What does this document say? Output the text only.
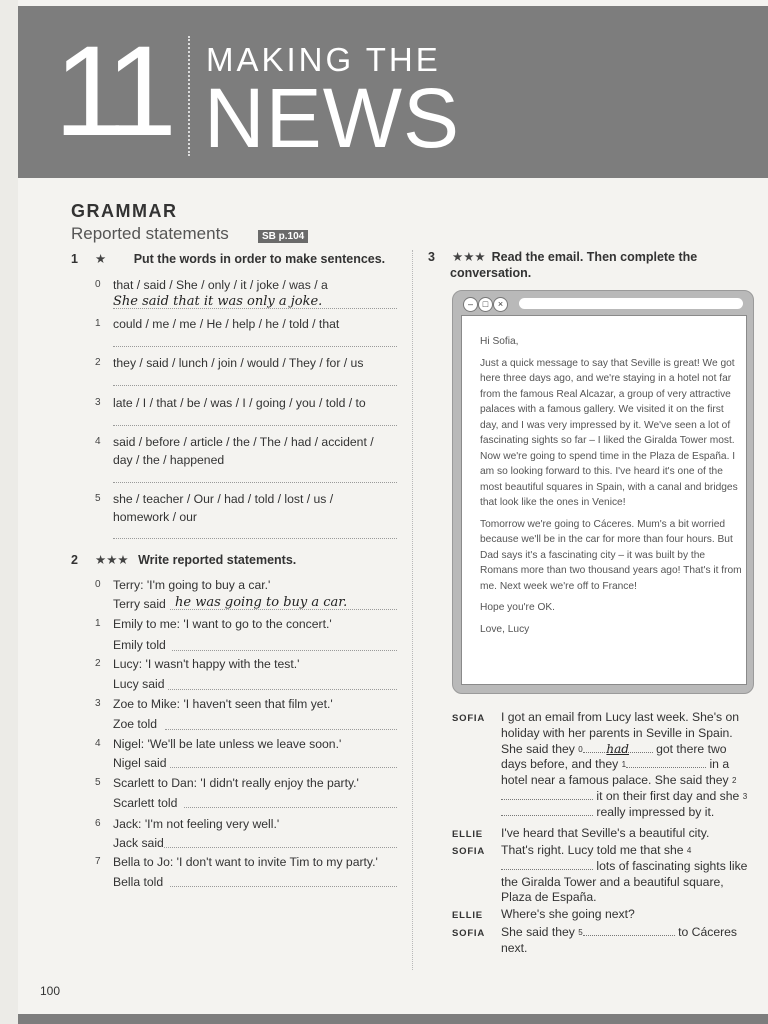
11 MAKING THE
NEWS
GRAMMAR
Reported statements	SB p.104
1 ★ Put the words in order to make sentences.
0 that / said / She / only / it / joke / was / a
She said that it was only a joke.
1 could / me / me / He / help / he / told / that
2 they / said / lunch / join / would / They / for / us
3 late / I / that / be / was / I / going / you / told / to
4 said / before / article / the / The / had / accident /
day / the / happened
5 she / teacher / Our / had / told / lost / us /
homework / our
2 ★★★ Write reported statements.
0 Terry: 'I'm going to buy a car.'
Terry said he was going to buy a car.
1 Emily to me: 'I want to go to the concert.'
Emily told
2 Lucy: 'I wasn't happy with the test.'
Lucy said
3 Zoe to Mike: 'I haven't seen that film yet.'
Zoe told
4 Nigel: 'We'll be late unless we leave soon.'
Nigel said
5 Scarlett to Dan: 'I didn't really enjoy the party.'
Scarlett told
6 Jack: 'I'm not feeling very well.'
Jack said
7 Bella to Jo: 'I don't want to invite Tim to my party.'
Bella told
3 ★★★ Read the email. Then complete the
conversation.
–	□	×

Hi Sofia,

Just a quick message to say that Seville is great! We got here three days ago, and we're staying in a hotel not far from the famous Real Alcazar, a group of very attractive palaces with a famous gallery. We visited it on the first day, and I was very impressed by it. We've seen a lot of fascinating sights so far – I liked the Giralda Tower most. Now we're going to spend time in the Plaza de España. I am so looking forward to this. I've heard it's one of the most beautiful squares in Spain, with a canal and bridges that look like the ones in Venice!

Tomorrow we're going to Cáceres. Mum's a bit worried because we'll be in the car for more than four hours. But Dad says it's a fascinating city – it was built by the Romans more than two thousand years ago! That's it from me. Next week we're off to France!

Hope you're OK.

Love, Lucy

SOFIA I got an email from Lucy last week. She's on holiday with her parents in Seville in Spain. She said they $^0$ had got there two days before, and they $^1$	in a hotel near a famous palace. She said they $^2$ it on their first day and she $^3$ really impressed by it.
ELLIE I've heard that Seville's a beautiful city.
SOFIA That's right. Lucy told me that she $^4$ lots of fascinating sights like the Giralda Tower and a beautiful square, Plaza de España.
ELLIE Where's she going next?
SOFIA She said they $^5$	to Cáceres next.
100
